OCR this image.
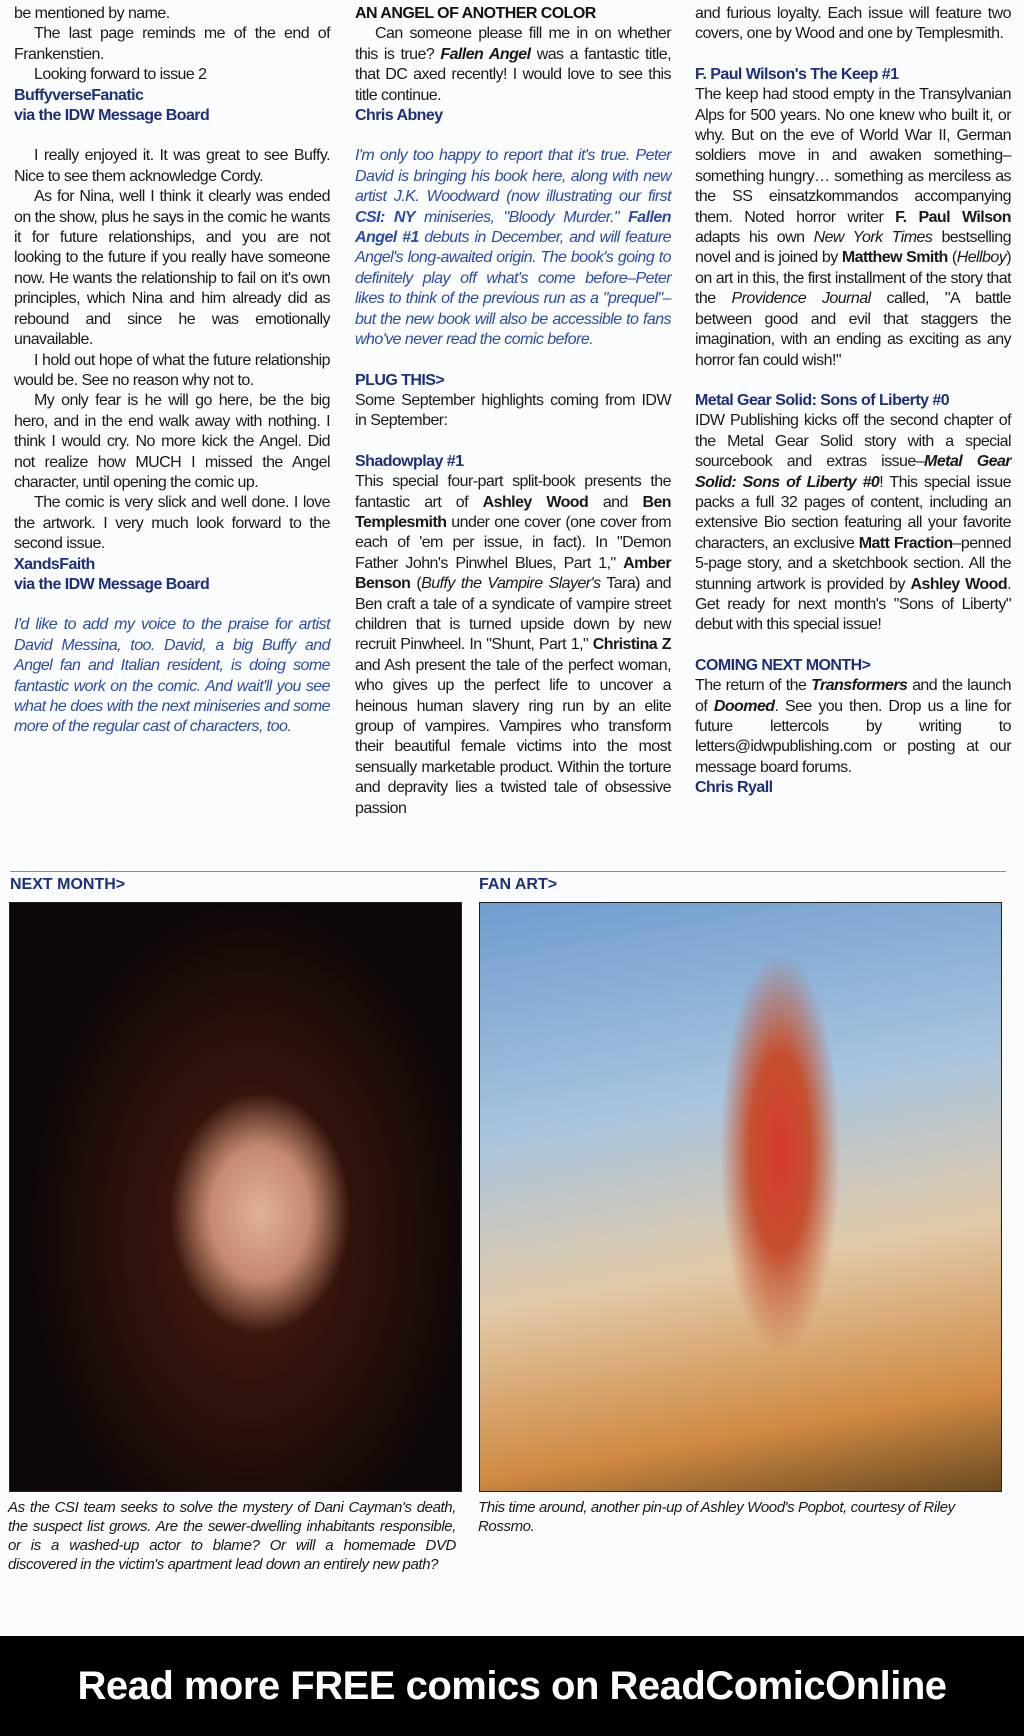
be mentioned by name.

The last page reminds me of the end of Frankenstien.

Looking forward to issue 2

BuffyverseFanatic

via the IDW Message Board

I really enjoyed it. It was great to see Buffy. Nice to see them acknowledge Cordy.

As for Nina, well I think it clearly was ended on the show, plus he says in the comic he wants it for future relationships, and you are not looking to the future if you really have someone now. He wants the relationship to fail on it's own principles, which Nina and him already did as rebound and since he was emotionally unavailable.

I hold out hope of what the future relationship would be. See no reason why not to.

My only fear is he will go here, be the big hero, and in the end walk away with nothing. I think I would cry. No more kick the Angel. Did not realize how MUCH I missed the Angel character, until opening the comic up.

The comic is very slick and well done. I love the artwork. I very much look forward to the second issue.

XandsFaith

via the IDW Message Board

I'd like to add my voice to the praise for artist David Messina, too. David, a big Buffy and Angel fan and Italian resident, is doing some fantastic work on the comic. And wait'll you see what he does with the next miniseries and some more of the regular cast of characters, too.

AN ANGEL OF ANOTHER COLOR

Can someone please fill me in on whether this is true? Fallen Angel was a fantastic title, that DC axed recently! I would love to see this title continue.

Chris Abney

I'm only too happy to report that it's true. Peter David is bringing his book here, along with new artist J.K. Woodward (now illustrating our first CSI: NY miniseries, "Bloody Murder." Fallen Angel #1 debuts in December, and will feature Angel's long-awaited origin. The book's going to definitely play off what's come before–Peter likes to think of the previous run as a "prequel"–but the new book will also be accessible to fans who've never read the comic before.

PLUG THIS>

Some September highlights coming from IDW in September:

Shadowplay #1

This special four-part split-book presents the fantastic art of Ashley Wood and Ben Templesmith under one cover (one cover from each of 'em per issue, in fact). In "Demon Father John's Pinwhel Blues, Part 1," Amber Benson (Buffy the Vampire Slayer's Tara) and Ben craft a tale of a syndicate of vampire street children that is turned upside down by new recruit Pinwheel. In "Shunt, Part 1," Christina Z and Ash present the tale of the perfect woman, who gives up the perfect life to uncover a heinous human slavery ring run by an elite group of vampires. Vampires who transform their beautiful female victims into the most sensually marketable product. Within the torture and depravity lies a twisted tale of obsessive passion

and furious loyalty. Each issue will feature two covers, one by Wood and one by Templesmith.

F. Paul Wilson's The Keep #1

The keep had stood empty in the Transylvanian Alps for 500 years. No one knew who built it, or why. But on the eve of World War II, German soldiers move in and awaken something–something hungry… something as merciless as the SS einsatzkommandos accompanying them. Noted horror writer F. Paul Wilson adapts his own New York Times bestselling novel and is joined by Matthew Smith (Hellboy) on art in this, the first installment of the story that the Providence Journal called, "A battle between good and evil that staggers the imagination, with an ending as exciting as any horror fan could wish!"

Metal Gear Solid: Sons of Liberty #0

IDW Publishing kicks off the second chapter of the Metal Gear Solid story with a special sourcebook and extras issue–Metal Gear Solid: Sons of Liberty #0! This special issue packs a full 32 pages of content, including an extensive Bio section featuring all your favorite characters, an exclusive Matt Fraction–penned 5-page story, and a sketchbook section. All the stunning artwork is provided by Ashley Wood. Get ready for next month's "Sons of Liberty" debut with this special issue!

COMING NEXT MONTH>

The return of the Transformers and the launch of Doomed. See you then. Drop us a line for future lettercols by writing to letters@idwpublishing.com or posting at our message board forums.

Chris Ryall

NEXT MONTH>	FAN ART>
As the CSI team seeks to solve the mystery of Dani Cayman's death, the suspect list grows. Are the sewer-dwelling inhabitants responsible, or is a washed-up actor to blame? Or will a homemade DVD discovered in the victim's apartment lead down an entirely new path?
This time around, another pin-up of Ashley Wood's Popbot, courtesy of Riley Rossmo.
Read more FREE comics on ReadComicOnline
